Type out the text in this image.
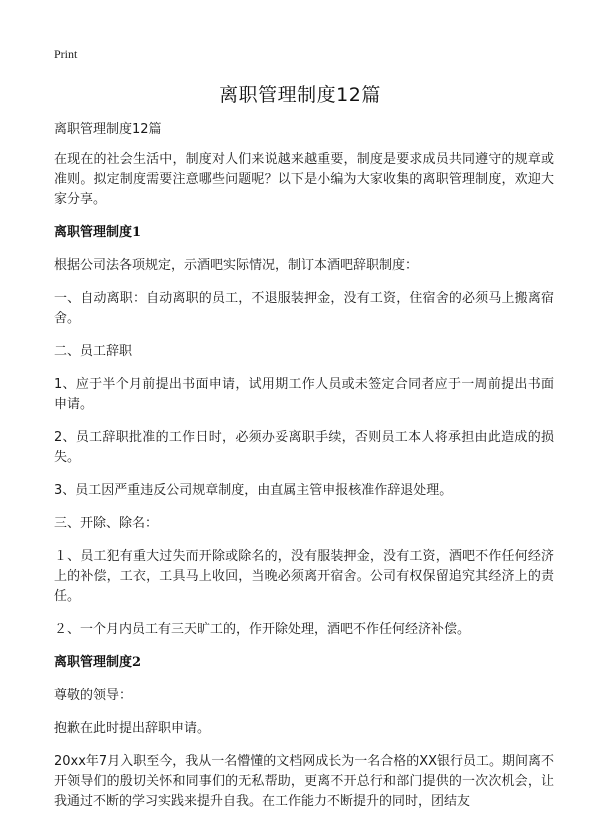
Print
离职管理制度12篇

离职管理制度12篇

在现在的社会生活中，制度对人们来说越来越重要，制度是要求成员共同遵守的规章或准则。拟定制度需要注意哪些问题呢？以下是小编为大家收集的离职管理制度，欢迎大家分享。

离职管理制度1

根据公司法各项规定，示酒吧实际情况，制订本酒吧辞职制度：

一、自动离职：自动离职的员工，不退服装押金，没有工资，住宿舍的必须马上搬离宿舍。

二、员工辞职

1、应于半个月前提出书面申请，试用期工作人员或未签定合同者应于一周前提出书面申请。

2、员工辞职批准的工作日时，必须办妥离职手续，否则员工本人将承担由此造成的损失。

3、员工因严重违反公司规章制度，由直属主管申报核准作辞退处理。

三、开除、除名：

１、员工犯有重大过失而开除或除名的，没有服装押金，没有工资，酒吧不作任何经济上的补偿，工衣，工具马上收回，当晚必须离开宿舍。公司有权保留追究其经济上的责任。

２、一个月内员工有三天旷工的，作开除处理，酒吧不作任何经济补偿。

离职管理制度2

尊敬的领导：

抱歉在此时提出辞职申请。

20xx年7月入职至今，我从一名懵懂的文档网成长为一名合格的XX银行员工。期间离不开领导们的殷切关怀和同事们的无私帮助，更离不开总行和部门提供的一次次机会，让我通过不断的学习实践来提升自我。在工作能力不断提升的同时，团结友
